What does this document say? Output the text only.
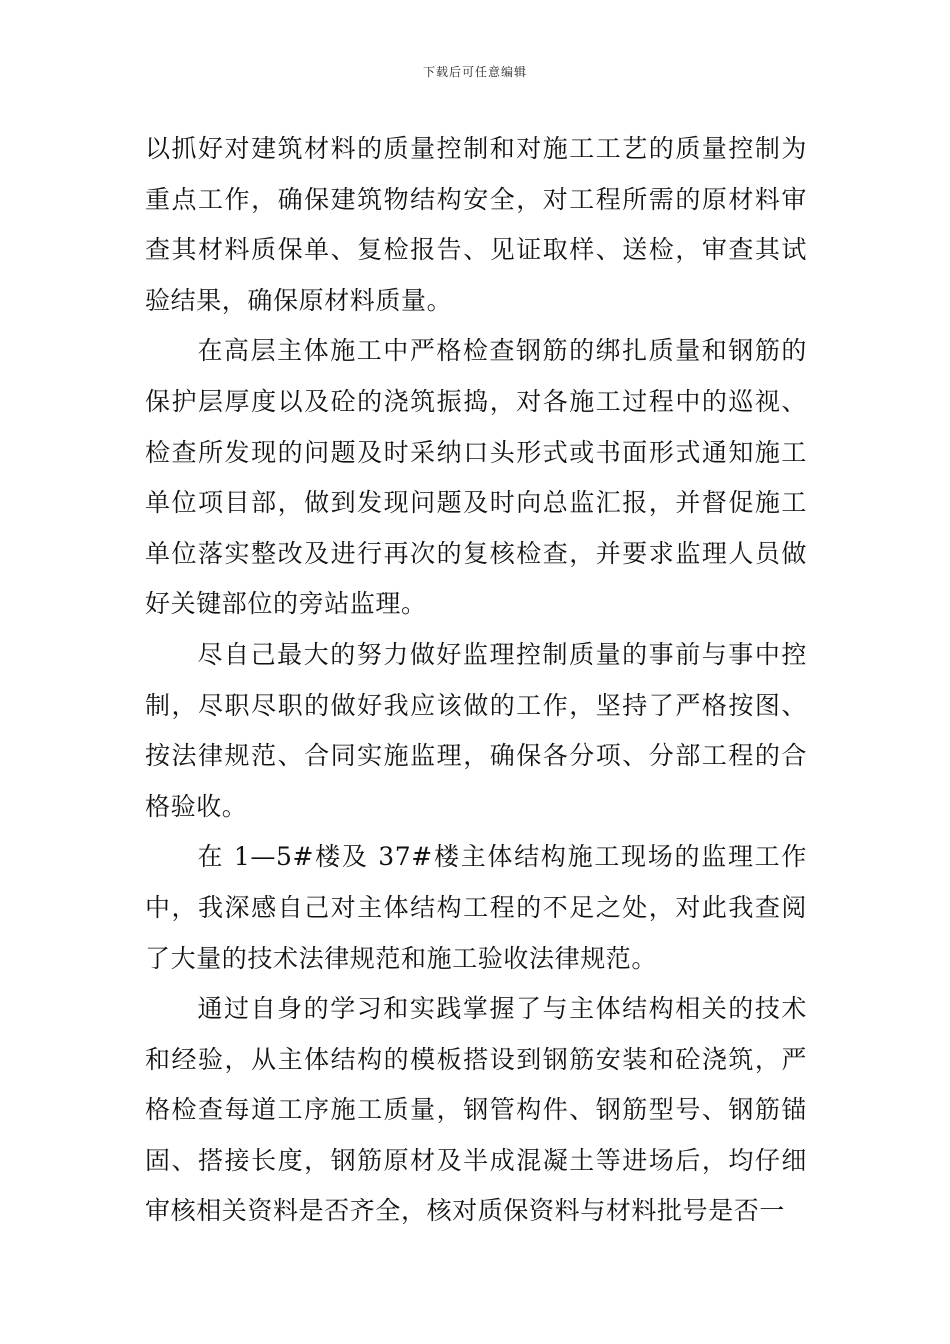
下载后可任意编辑

以抓好对建筑材料的质量控制和对施工工艺的质量控制为重点工作，确保建筑物结构安全，对工程所需的原材料审查其材料质保单、复检报告、见证取样、送检，审查其试验结果，确保原材料质量。

在高层主体施工中严格检查钢筋的绑扎质量和钢筋的保护层厚度以及砼的浇筑振捣，对各施工过程中的巡视、检查所发现的问题及时采纳口头形式或书面形式通知施工单位项目部，做到发现问题及时向总监汇报，并督促施工单位落实整改及进行再次的复核检查，并要求监理人员做好关键部位的旁站监理。

尽自己最大的努力做好监理控制质量的事前与事中控制，尽职尽职的做好我应该做的工作，坚持了严格按图、按法律规范、合同实施监理，确保各分项、分部工程的合格验收。

在 1—5#楼及 37#楼主体结构施工现场的监理工作中，我深感自己对主体结构工程的不足之处，对此我查阅了大量的技术法律规范和施工验收法律规范。

通过自身的学习和实践掌握了与主体结构相关的技术和经验，从主体结构的模板搭设到钢筋安装和砼浇筑，严格检查每道工序施工质量，钢管构件、钢筋型号、钢筋锚固、搭接长度，钢筋原材及半成混凝土等进场后，均仔细审核相关资料是否齐全，核对质保资料与材料批号是否一
